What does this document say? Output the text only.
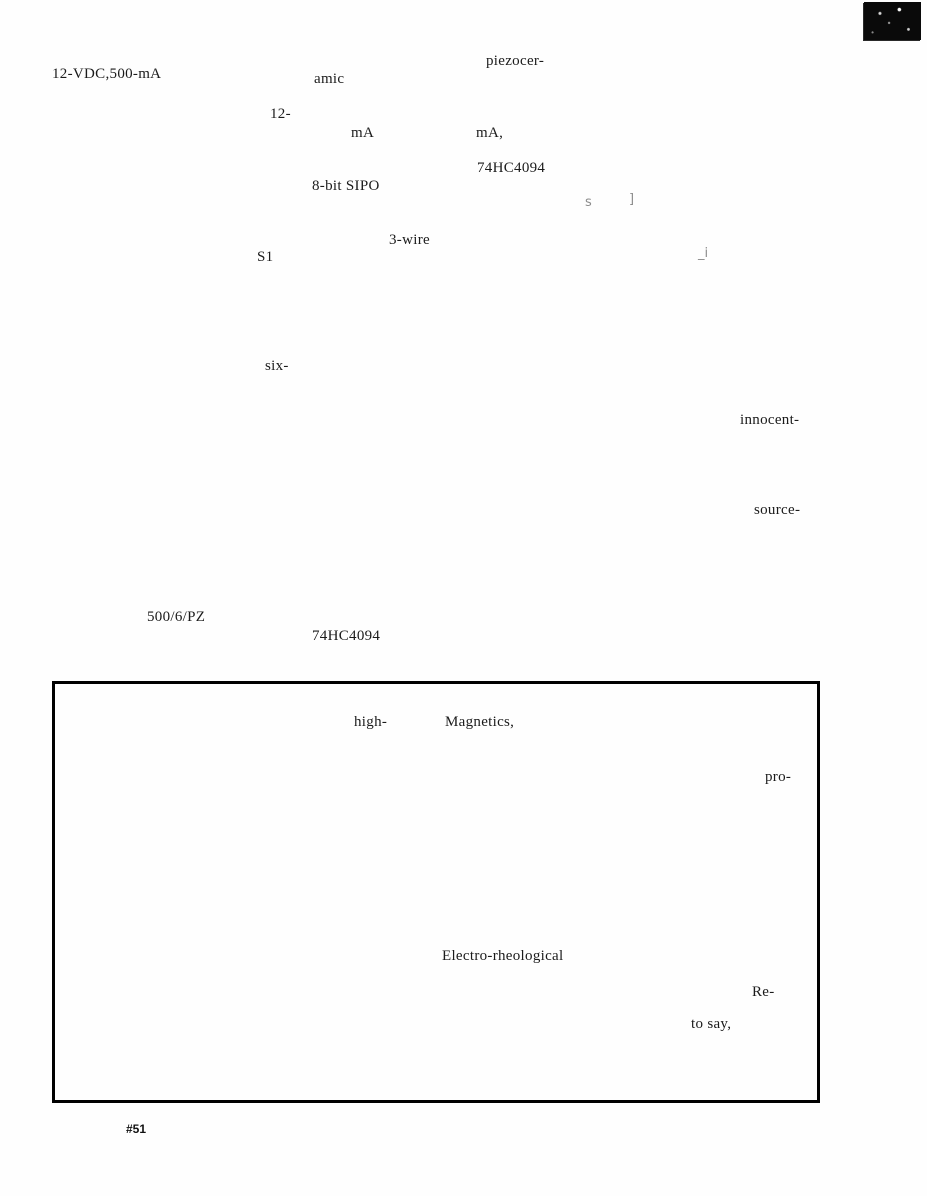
piezocer-
12-VDC,500-mA	amic
12-
mA	mA,
74HC4094
8-bit SIPO
s	]
3-wire
S1	_i
six-
innocent-
source-
500/6/PZ
74HC4094
high-	Magnetics,
pro-
Electro-rheological
Re-
to say,
#51
